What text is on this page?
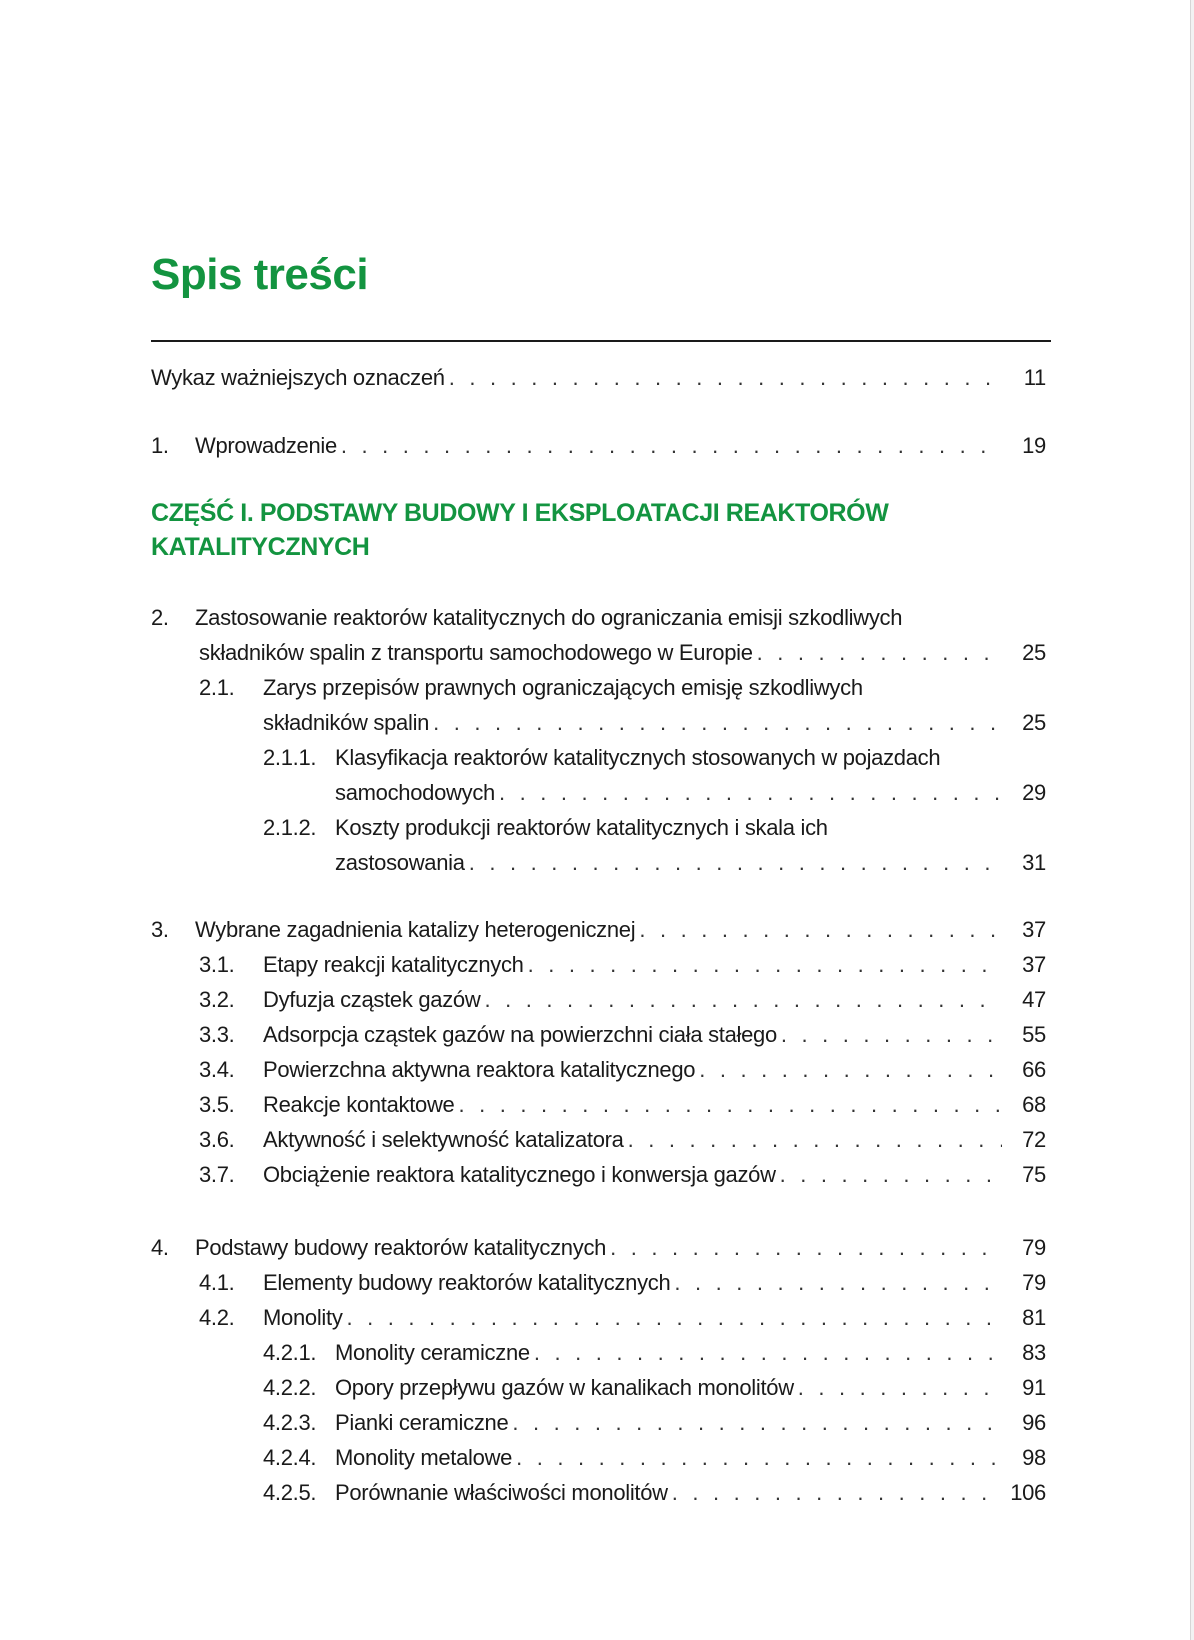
Spis treści
Wykaz ważniejszych oznaczeń . . .	11
1.	Wprowadzenie . . .	19
CZĘŚĆ I. PODSTAWY BUDOWY I EKSPLOATACJI REAKTORÓW
KATALITYCZNYCH
2.	Zastosowanie reaktorów katalitycznych do ograniczania emisji szkodliwych
składników spalin z transportu samochodowego w Europie . . .	25
2.1.	Zarys przepisów prawnych ograniczających emisję szkodliwych
składników spalin . . .	25
2.1.1. Klasyfikacja reaktorów katalitycznych stosowanych w pojazdach
samochodowych . . .	29
2.1.2. Koszty produkcji reaktorów katalitycznych i skala ich
zastosowania . . .	31
3.	Wybrane zagadnienia katalizy heterogenicznej . . .	37
3.1.	Etapy reakcji katalitycznych . . .	37
3.2.	Dyfuzja cząstek gazów . . .	47
3.3.	Adsorpcja cząstek gazów na powierzchni ciała stałego . . .	55
3.4.	Powierzchna aktywna reaktora katalitycznego . . .	66
3.5.	Reakcje kontaktowe . . .	68
3.6.	Aktywność i selektywność katalizatora . . .	72
3.7.	Obciążenie reaktora katalitycznego i konwersja gazów . . .	75
4.	Podstawy budowy reaktorów katalitycznych . . .	79
4.1.	Elementy budowy reaktorów katalitycznych . . .	79
4.2.	Monolity . . .	81
4.2.1. Monolity ceramiczne . . .	83
4.2.2. Opory przepływu gazów w kanalikach monolitów . . .	91
4.2.3. Pianki ceramiczne . . .	96
4.2.4. Monolity metalowe . . .	98
4.2.5. Porównanie właściwości monolitów . . .	106
